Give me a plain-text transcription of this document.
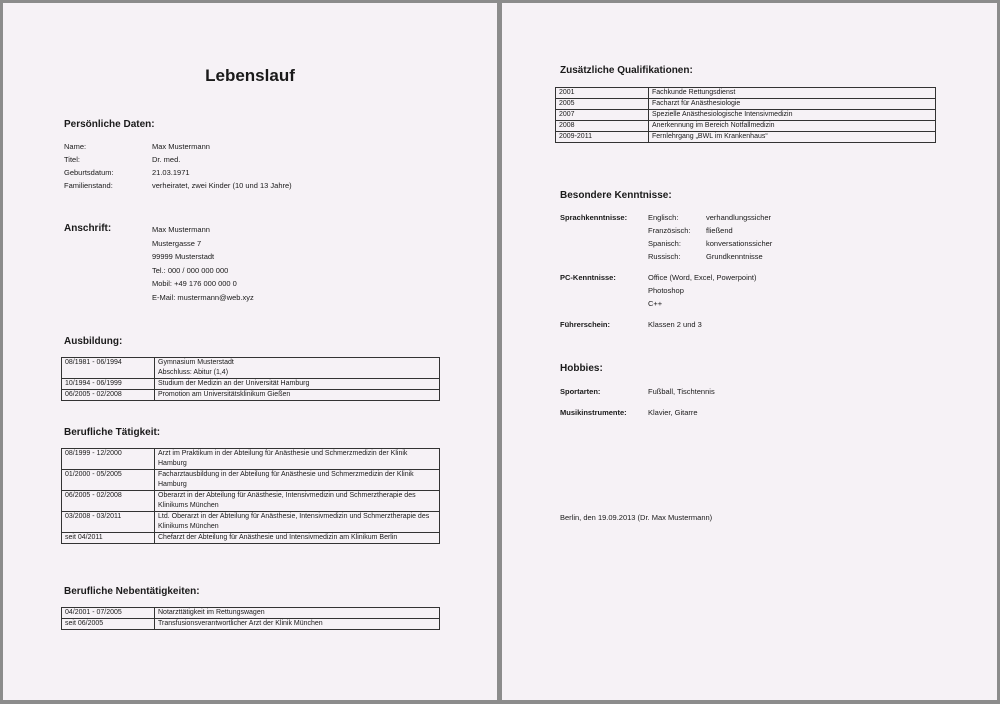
Lebenslauf
Persönliche Daten:
Name:	Max Mustermann
Titel:	Dr. med.
Geburtsdatum:	21.03.1971
Familienstand:	verheiratet, zwei Kinder (10 und 13 Jahre)
Anschrift:	Max Mustermann
Mustergasse 7
99999 Musterstadt
Tel.: 000 / 000 000 000
Mobil: +49 176 000 000 0
E-Mail: mustermann@web.xyz
Ausbildung:
08/1981 - 06/1994	Gymnasium Musterstadt
Abschluss: Abitur (1,4)
10/1994 - 06/1999	Studium der Medizin an der Universität Hamburg
06/2005 - 02/2008	Promotion am Universitätsklinikum Gießen
Berufliche Tätigkeit:
08/1999 - 12/2000	Arzt im Praktikum in der Abteilung für Anästhesie und Schmerzmedizin der Klinik Hamburg
01/2000 - 05/2005	Facharztausbildung in der Abteilung für Anästhesie und Schmerzmedizin der Klinik Hamburg
06/2005 - 02/2008	Oberarzt in der Abteilung für Anästhesie, Intensivmedizin und Schmerztherapie des Klinikums München
03/2008 - 03/2011	Ltd. Oberarzt in der Abteilung für Anästhesie, Intensivmedizin und Schmerztherapie des Klinikums München
seit 04/2011	Chefarzt der Abteilung für Anästhesie und Intensivmedizin am Klinikum Berlin
Berufliche Nebentätigkeiten:
04/2001 - 07/2005	Notarzttätigkeit im Rettungswagen
seit 06/2005	Transfusionsverantwortlicher Arzt der Klinik München
Zusätzliche Qualifikationen:
2001	Fachkunde Rettungsdienst
2005	Facharzt für Anästhesiologie
2007	Spezielle Anästhesiologische Intensivmedizin
2008	Anerkennung im Bereich Notfallmedizin
2009-2011	Fernlehrgang „BWL im Krankenhaus“
Besondere Kenntnisse:
Sprachkenntnisse:	Englisch:	verhandlungssicher
Französisch: fließend
Spanisch:	konversationssicher
Russisch:	Grundkenntnisse
PC-Kenntnisse:	Office (Word, Excel, Powerpoint)
Photoshop
C++
Führerschein:	Klassen 2 und 3
Hobbies:
Sportarten:	Fußball, Tischtennis
Musikinstrumente:	Klavier, Gitarre
Berlin, den 19.09.2013 (Dr. Max Mustermann)
